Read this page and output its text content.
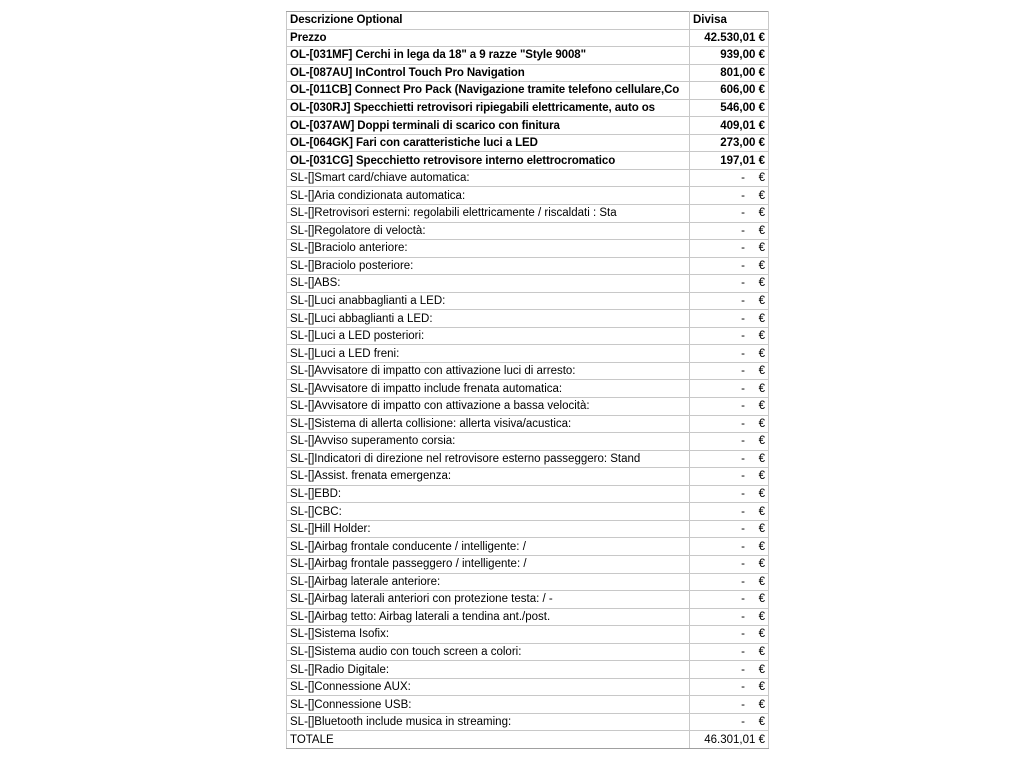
Descrizione Optional	Divisa
Prezzo	42.530,01 €
OL-[031MF] Cerchi in lega da 18" a 9 razze "Style 9008"	939,00 €
OL-[087AU] InControl Touch Pro Navigation	801,00 €
OL-[011CB] Connect Pro Pack (Navigazione tramite telefono cellulare,Co	606,00 €
OL-[030RJ] Specchietti retrovisori ripiegabili elettricamente, auto os	546,00 €
OL-[037AW] Doppi terminali di scarico con finitura	409,01 €
OL-[064GK] Fari con caratteristiche luci a LED	273,00 €
OL-[031CG] Specchietto retrovisore interno elettrocromatico	197,01 €
SL-[]Smart card/chiave automatica:	- €
SL-[]Aria condizionata automatica:	- €
SL-[]Retrovisori esterni: regolabili elettricamente / riscaldati : Sta	- €
SL-[]Regolatore di veloctà:	- €
SL-[]Braciolo anteriore:	- €
SL-[]Braciolo posteriore:	- €
SL-[]ABS:	- €
SL-[]Luci anabbaglianti a LED:	- €
SL-[]Luci abbaglianti a LED:	- €
SL-[]Luci a LED posteriori:	- €
SL-[]Luci a LED freni:	- €
SL-[]Avvisatore di impatto con attivazione luci di arresto:	- €
SL-[]Avvisatore di impatto include frenata automatica:	- €
SL-[]Avvisatore di impatto con attivazione a bassa velocità:	- €
SL-[]Sistema di allerta collisione: allerta visiva/acustica:	- €
SL-[]Avviso superamento corsia:	- €
SL-[]Indicatori di direzione nel retrovisore esterno passeggero: Stand	- €
SL-[]Assist. frenata emergenza:	- €
SL-[]EBD:	- €
SL-[]CBC:	- €
SL-[]Hill Holder:	- €
SL-[]Airbag frontale conducente / intelligente: /	- €
SL-[]Airbag frontale passeggero / intelligente: /	- €
SL-[]Airbag laterale anteriore:	- €
SL-[]Airbag laterali anteriori con protezione testa: / -	- €
SL-[]Airbag tetto: Airbag laterali a tendina ant./post.	- €
SL-[]Sistema Isofix:	- €
SL-[]Sistema audio con touch screen a colori:	- €
SL-[]Radio Digitale:	- €
SL-[]Connessione AUX:	- €
SL-[]Connessione USB:	- €
SL-[]Bluetooth include musica in streaming:	- €
TOTALE	46.301,01 €
